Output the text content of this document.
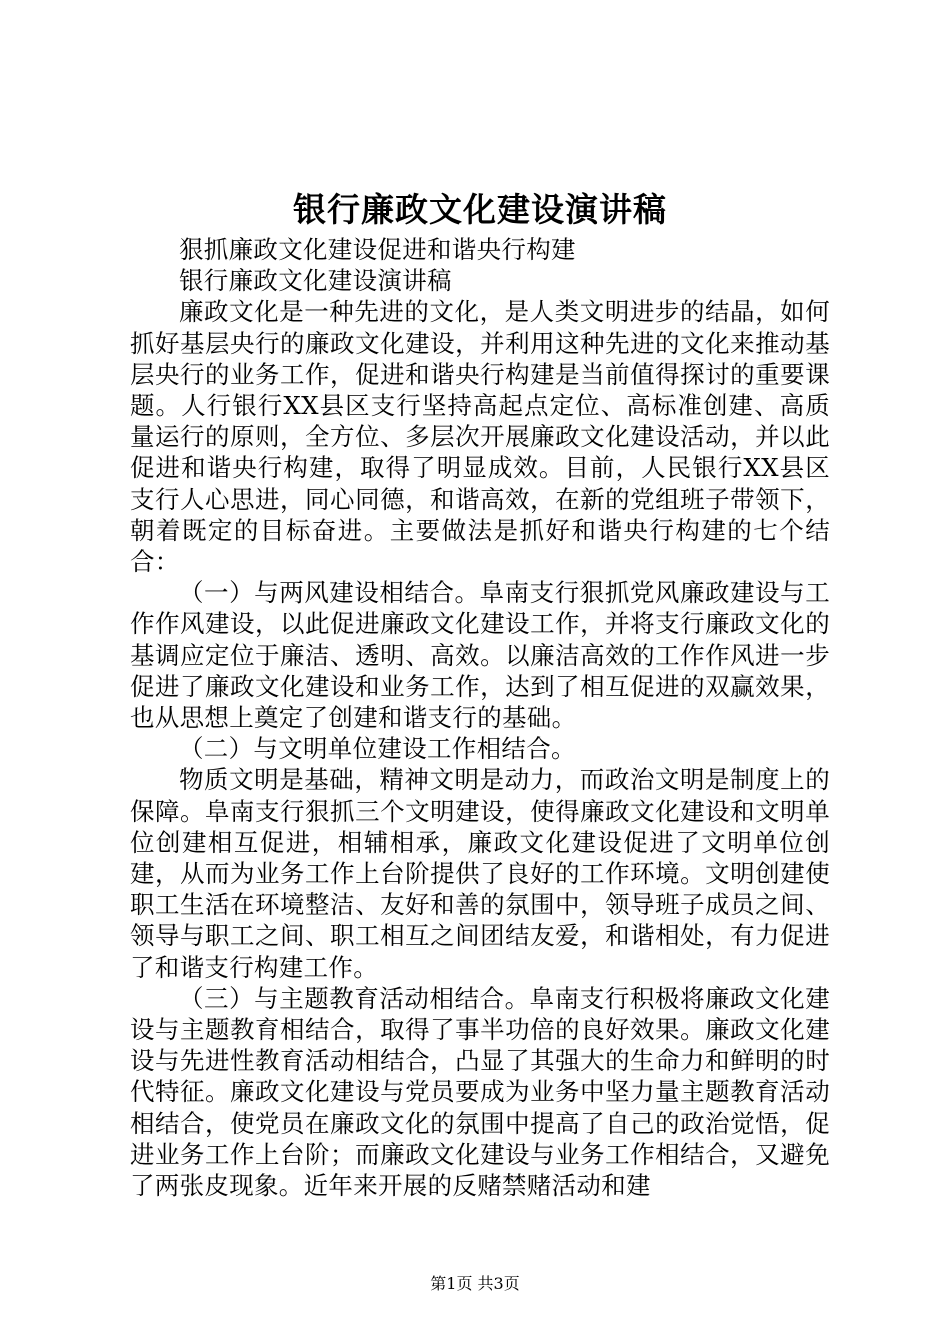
银行廉政文化建设演讲稿

狠抓廉政文化建设促进和谐央行构建

银行廉政文化建设演讲稿

廉政文化是一种先进的文化，是人类文明进步的结晶，如何抓好基层央行的廉政文化建设，并利用这种先进的文化来推动基层央行的业务工作，促进和谐央行构建是当前值得探讨的重要课题。人行银行XX县区支行坚持高起点定位、高标准创建、高质量运行的原则，全方位、多层次开展廉政文化建设活动，并以此促进和谐央行构建，取得了明显成效。目前，人民银行XX县区支行人心思进，同心同德，和谐高效，在新的党组班子带领下，朝着既定的目标奋进。主要做法是抓好和谐央行构建的七个结合：

（一）与两风建设相结合。阜南支行狠抓党风廉政建设与工作作风建设，以此促进廉政文化建设工作，并将支行廉政文化的基调应定位于廉洁、透明、高效。以廉洁高效的工作作风进一步促进了廉政文化建设和业务工作，达到了相互促进的双赢效果，也从思想上奠定了创建和谐支行的基础。

（二）与文明单位建设工作相结合。

物质文明是基础，精神文明是动力，而政治文明是制度上的保障。阜南支行狠抓三个文明建设，使得廉政文化建设和文明单位创建相互促进，相辅相承，廉政文化建设促进了文明单位创建，从而为业务工作上台阶提供了良好的工作环境。文明创建使职工生活在环境整洁、友好和善的氛围中，领导班子成员之间、领导与职工之间、职工相互之间团结友爱，和谐相处，有力促进了和谐支行构建工作。

（三）与主题教育活动相结合。阜南支行积极将廉政文化建设与主题教育相结合，取得了事半功倍的良好效果。廉政文化建设与先进性教育活动相结合，凸显了其强大的生命力和鲜明的时代特征。廉政文化建设与党员要成为业务中坚力量主题教育活动相结合，使党员在廉政文化的氛围中提高了自己的政治觉悟，促进业务工作上台阶；而廉政文化建设与业务工作相结合，又避免了两张皮现象。近年来开展的反赌禁赌活动和建

第1页 共3页
